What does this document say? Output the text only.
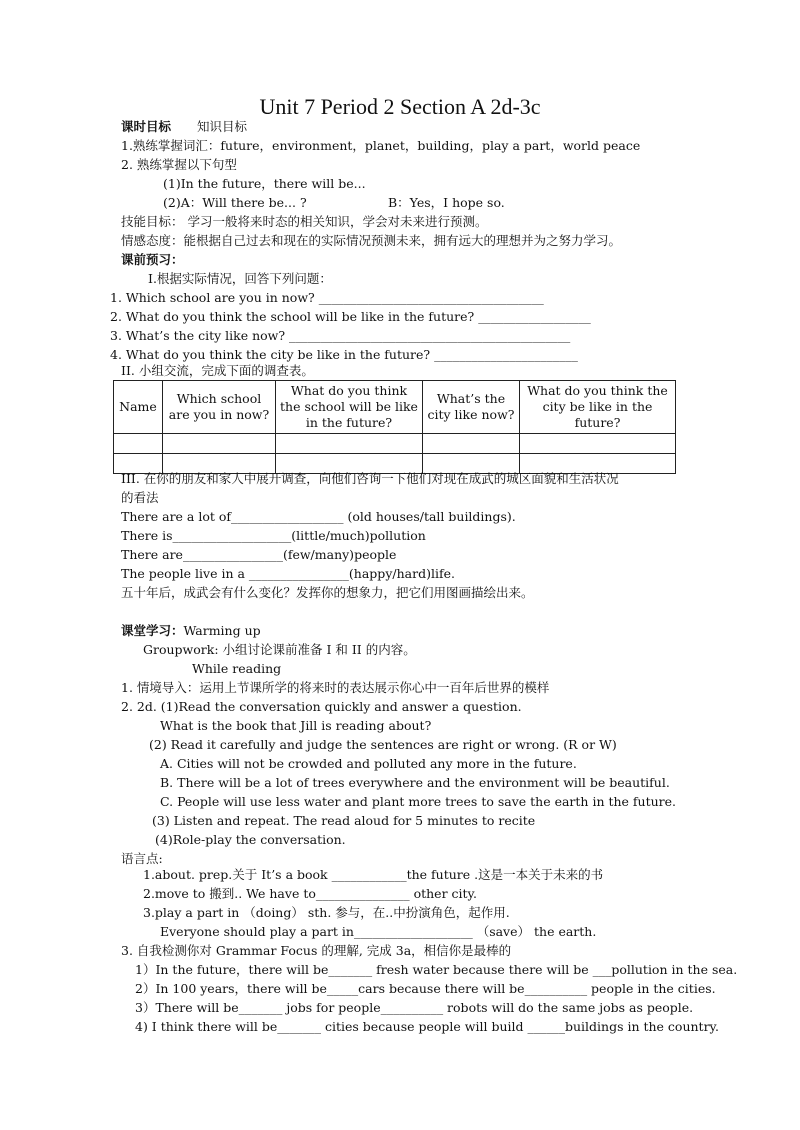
Unit 7 Period 2 Section A 2d-3c
课时目标 知识目标
1.熟练掌握词汇：future，environment，planet，building，play a part，world peace
2. 熟练掌握以下句型
(1)In the future，there will be...
(2)A：Will there be... ?	B：Yes，I hope so.
技能目标： 学习一般将来时态的相关知识，学会对未来进行预测。
情感态度：能根据自己过去和现在的实际情况预测未来，拥有远大的理想并为之努力学习。
课前预习：
I.根据实际情况，回答下列问题：
1. Which school are you in now? ____________________________________
2. What do you think the school will be like in the future? __________________
3. What’s the city like now? _____________________________________________
4. What do you think the city be like in the future? _______________________
II. 小组交流，完成下面的调查表。
Name	Which school are you in now?	What do you think the school will be like in the future?	What’s the city like now?	What do you think the city be like in the future?

III. 在你的朋友和家人中展开调查，向他们咨询一下他们对现在成武的城区面貌和生活状况
的看法
There are a lot of__________________ (old houses/tall buildings).
There is___________________(little/much)pollution
There are________________(few/many)people
The people live in a ________________(happy/hard)life.
五十年后，成武会有什么变化？发挥你的想象力，把它们用图画描绘出来。
课堂学习：Warming up
Groupwork: 小组讨论课前准备 I 和 II 的内容。
While reading
1. 情境导入：运用上节课所学的将来时的表达展示你心中一百年后世界的模样
2. 2d. (1)Read the conversation quickly and answer a question.
What is the book that Jill is reading about?
(2) Read it carefully and judge the sentences are right or wrong. (R or W)
A. Cities will not be crowded and polluted any more in the future.
B. There will be a lot of trees everywhere and the environment will be beautiful.
C. People will use less water and plant more trees to save the earth in the future.
(3) Listen and repeat. The read aloud for 5 minutes to recite
(4)Role-play the conversation.
语言点:
1.about. prep.关于 It’s a book ____________the future .这是一本关于未来的书
2.move to 搬到.. We have to_______________ other city.
3.play a part in （doing） sth. 参与，在..中扮演角色，起作用.
Everyone should play a part in___________________ （save） the earth.
3. 自我检测你对 Grammar Focus 的理解, 完成 3a，相信你是最棒的
1）In the future，there will be_______ fresh water because there will be ___pollution in the sea.
2）In 100 years，there will be_____cars because there will be__________ people in the cities.
3）There will be_______ jobs for people__________ robots will do the same jobs as people.
4) I think there will be_______ cities because people will build ______buildings in the country.
